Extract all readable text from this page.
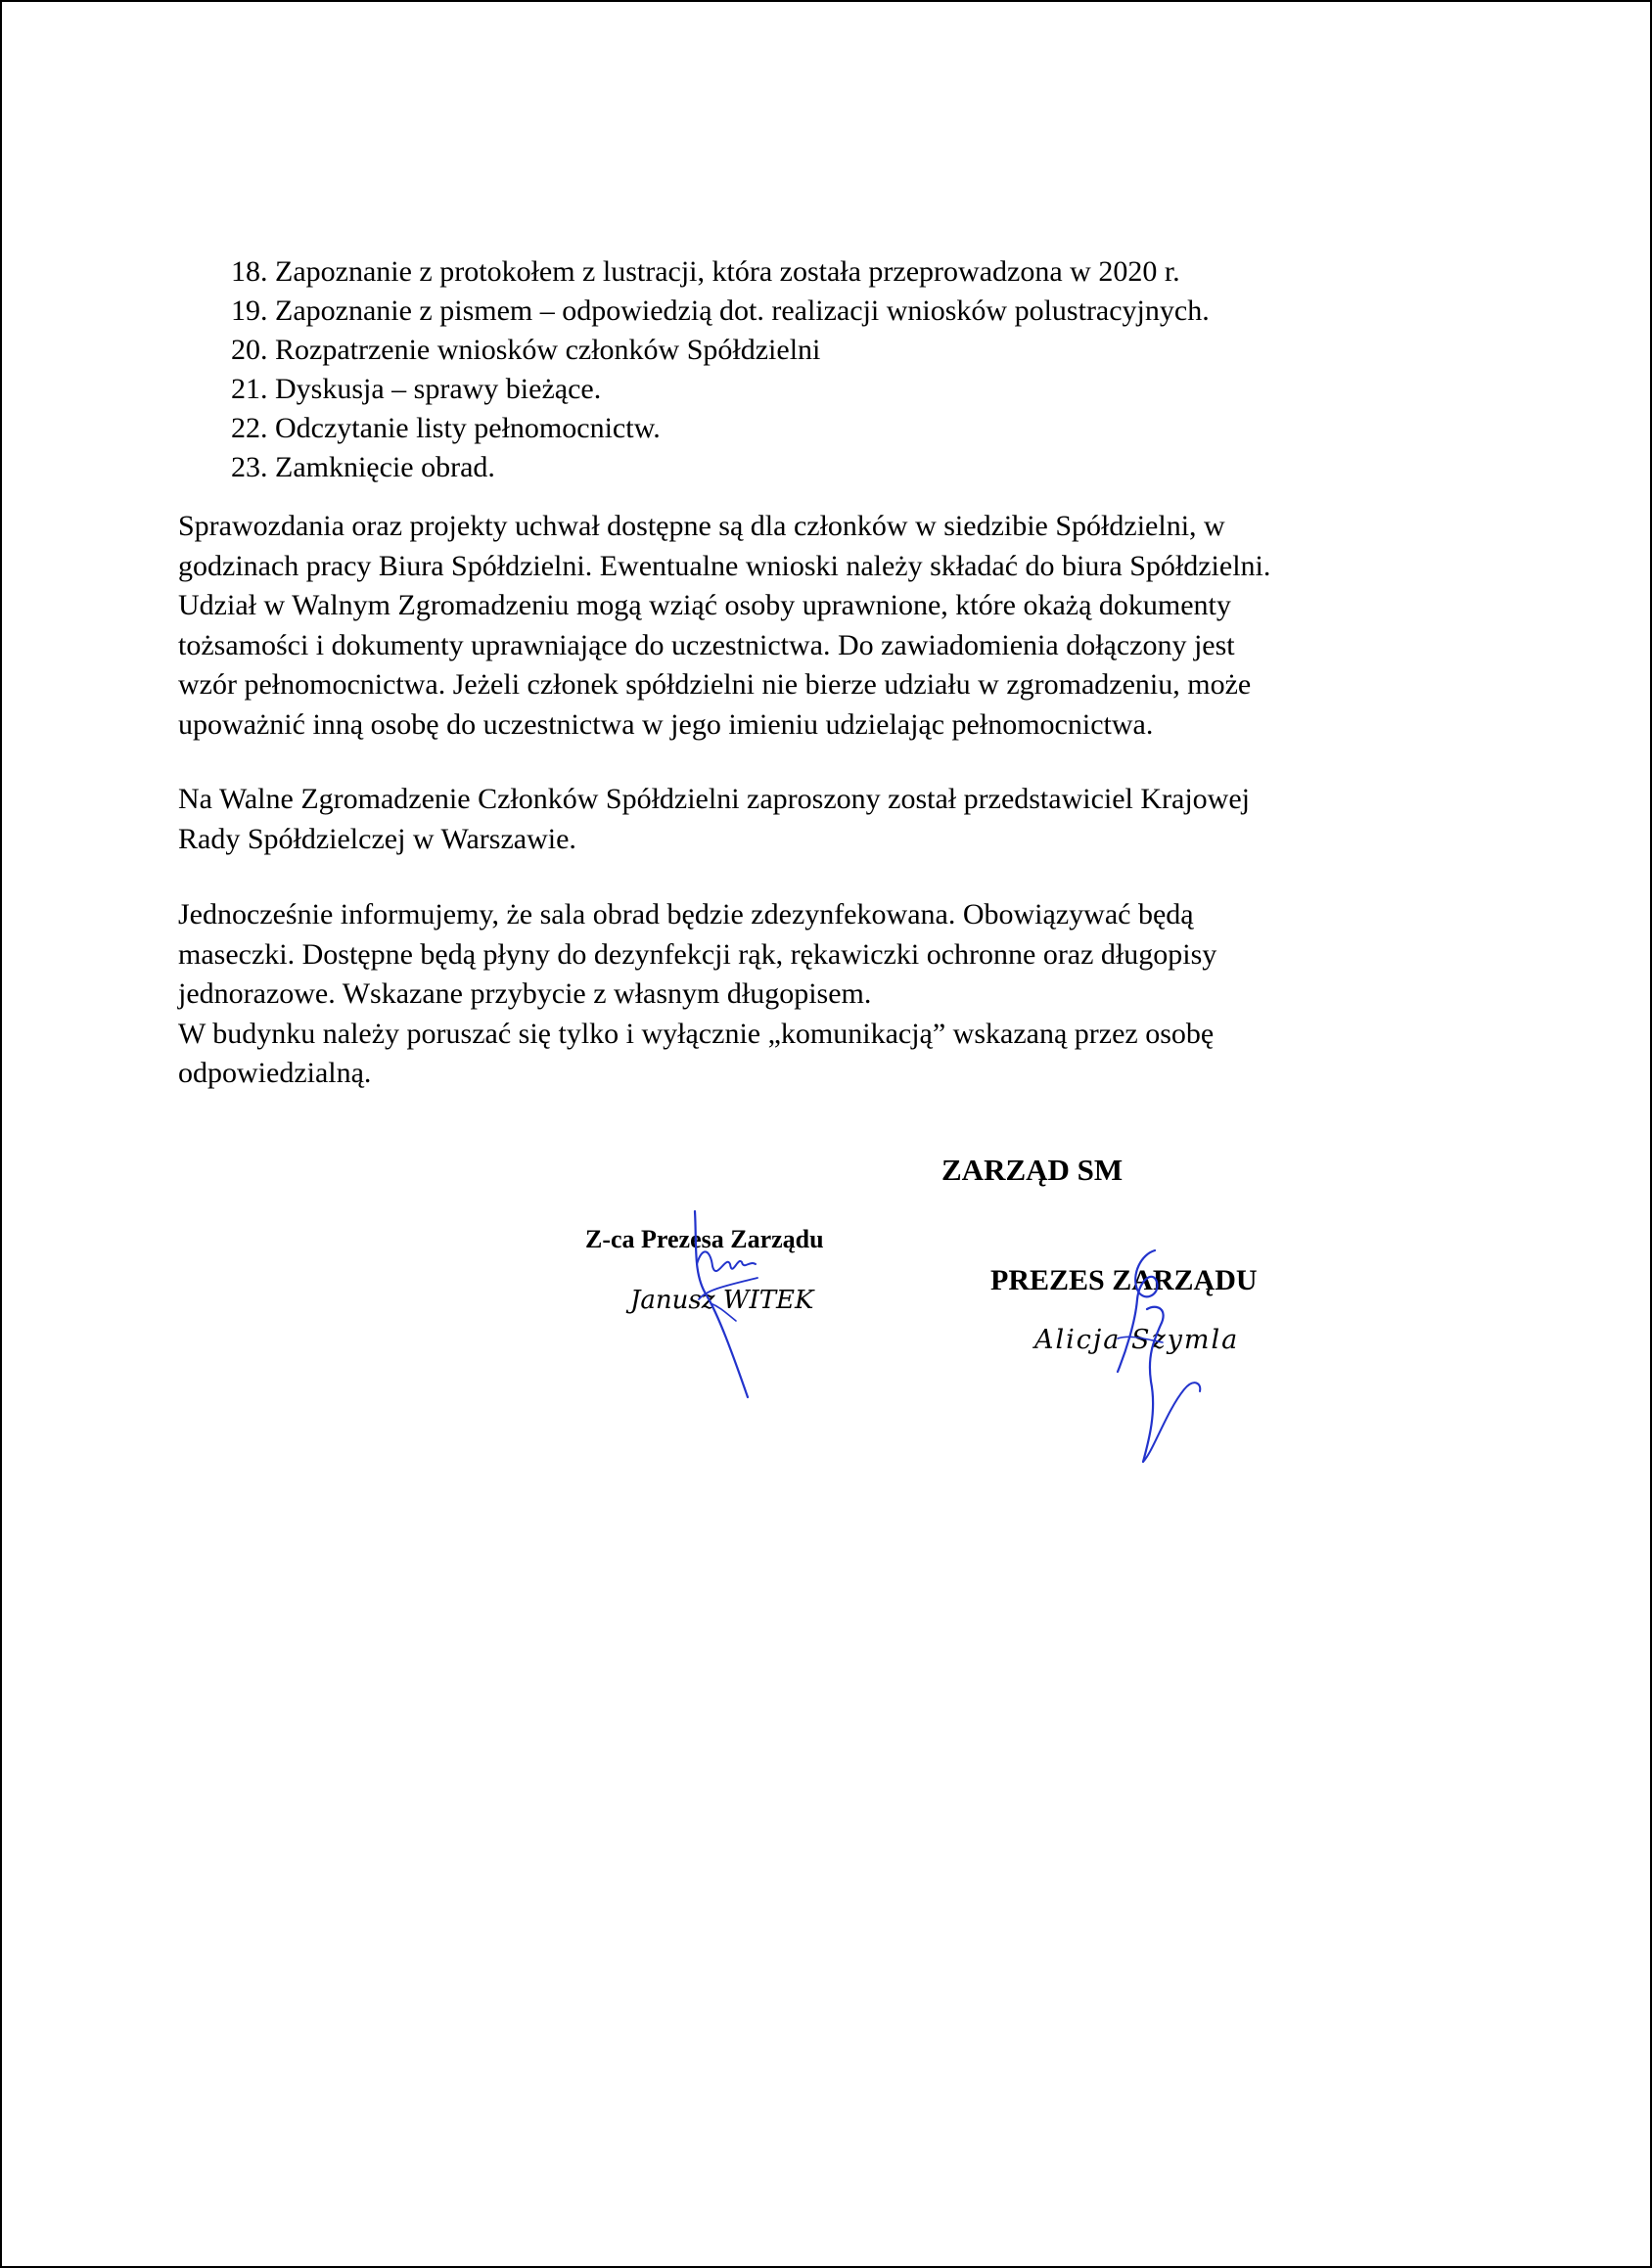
18. Zapoznanie z protokołem z lustracji, która została przeprowadzona w 2020 r.
19. Zapoznanie z pismem – odpowiedzią dot. realizacji wniosków polustracyjnych.
20. Rozpatrzenie wniosków członków Spółdzielni
21. Dyskusja – sprawy bieżące.
22. Odczytanie listy pełnomocnictw.
23. Zamknięcie obrad.

Sprawozdania oraz projekty uchwał dostępne są dla członków w siedzibie Spółdzielni, w
godzinach pracy Biura Spółdzielni. Ewentualne wnioski należy składać do biura Spółdzielni.
Udział w Walnym Zgromadzeniu mogą wziąć osoby uprawnione, które okażą dokumenty
tożsamości i dokumenty uprawniające do uczestnictwa. Do zawiadomienia dołączony jest
wzór pełnomocnictwa. Jeżeli członek spółdzielni nie bierze udziału w zgromadzeniu, może
upoważnić inną osobę do uczestnictwa w jego imieniu udzielając pełnomocnictwa.

Na Walne Zgromadzenie Członków Spółdzielni zaproszony został przedstawiciel Krajowej
Rady Spółdzielczej w Warszawie.

Jednocześnie informujemy, że sala obrad będzie zdezynfekowana. Obowiązywać będą
maseczki. Dostępne będą płyny do dezynfekcji rąk, rękawiczki ochronne oraz długopisy
jednorazowe. Wskazane przybycie z własnym długopisem.
W budynku należy poruszać się tylko i wyłącznie „komunikacją” wskazaną przez osobę
odpowiedzialną.

ZARZĄD SM
Z-ca Prezesa Zarządu
Janusz WITEK
PREZES ZARZĄDU
Alicja Szymla
